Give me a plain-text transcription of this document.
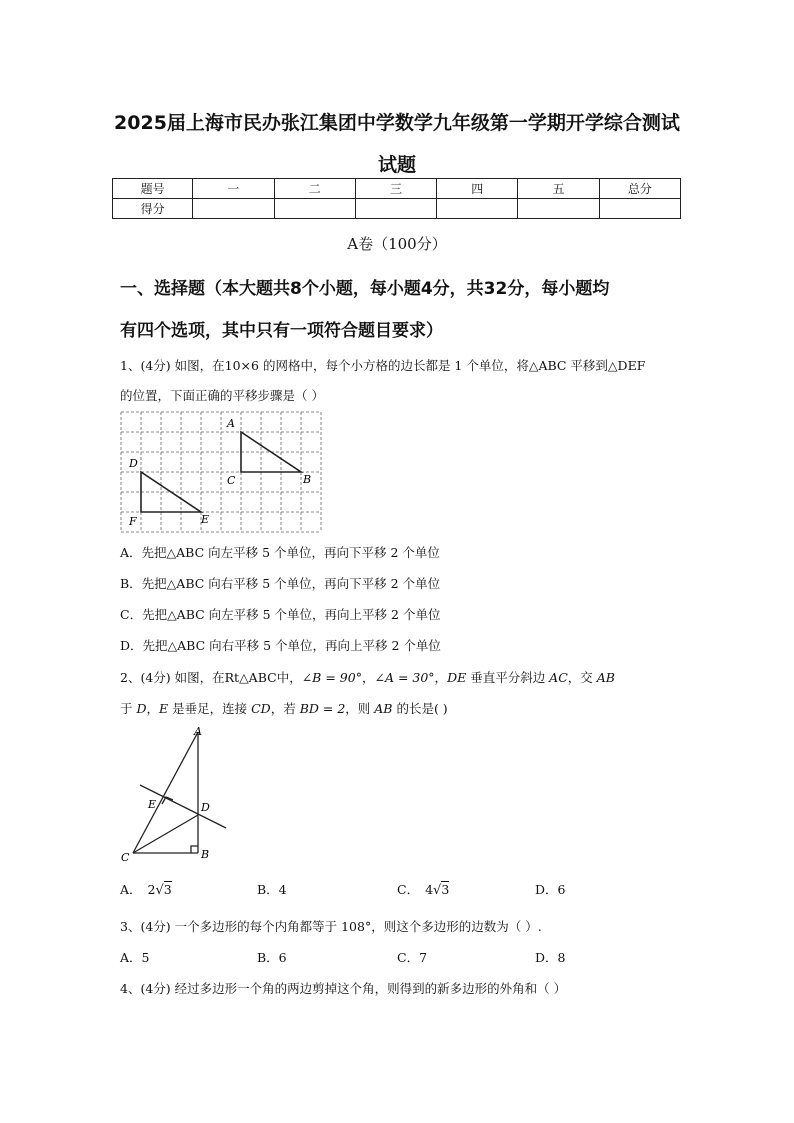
2025届上海市民办张江集团中学数学九年级第一学期开学综合测试
试题
题号	一	二	三	四	五	总分
得分						
A卷（100分）
一、选择题（本大题共8个小题，每小题4分，共32分，每小题均
有四个选项，其中只有一项符合题目要求）
1、(4分) 如图，在10×6 的网格中，每个小方格的边长都是 1 个单位，将△ABC 平移到△DEF
的位置，下面正确的平移步骤是（ ）
A
B
C
D
E
F
A．先把△ABC 向左平移 5 个单位，再向下平移 2 个单位
B．先把△ABC 向右平移 5 个单位，再向下平移 2 个单位
C．先把△ABC 向左平移 5 个单位，再向上平移 2 个单位
D．先把△ABC 向右平移 5 个单位，再向上平移 2 个单位
2、(4分) 如图，在Rt△ABC中，∠B = 90°，∠A = 30°，DE 垂直平分斜边 AC，交 AB
于 D，E 是垂足，连接 CD，若 BD = 2，则 AB 的长是( )
A
B
C
D
E
A． 2√3	B．4	C． 4√3	D．6
3、(4分) 一个多边形的每个内角都等于 108°，则这个多边形的边数为（ ）.
A．5	B．6	C．7	D．8
4、(4分) 经过多边形一个角的两边剪掉这个角，则得到的新多边形的外角和（ ）
